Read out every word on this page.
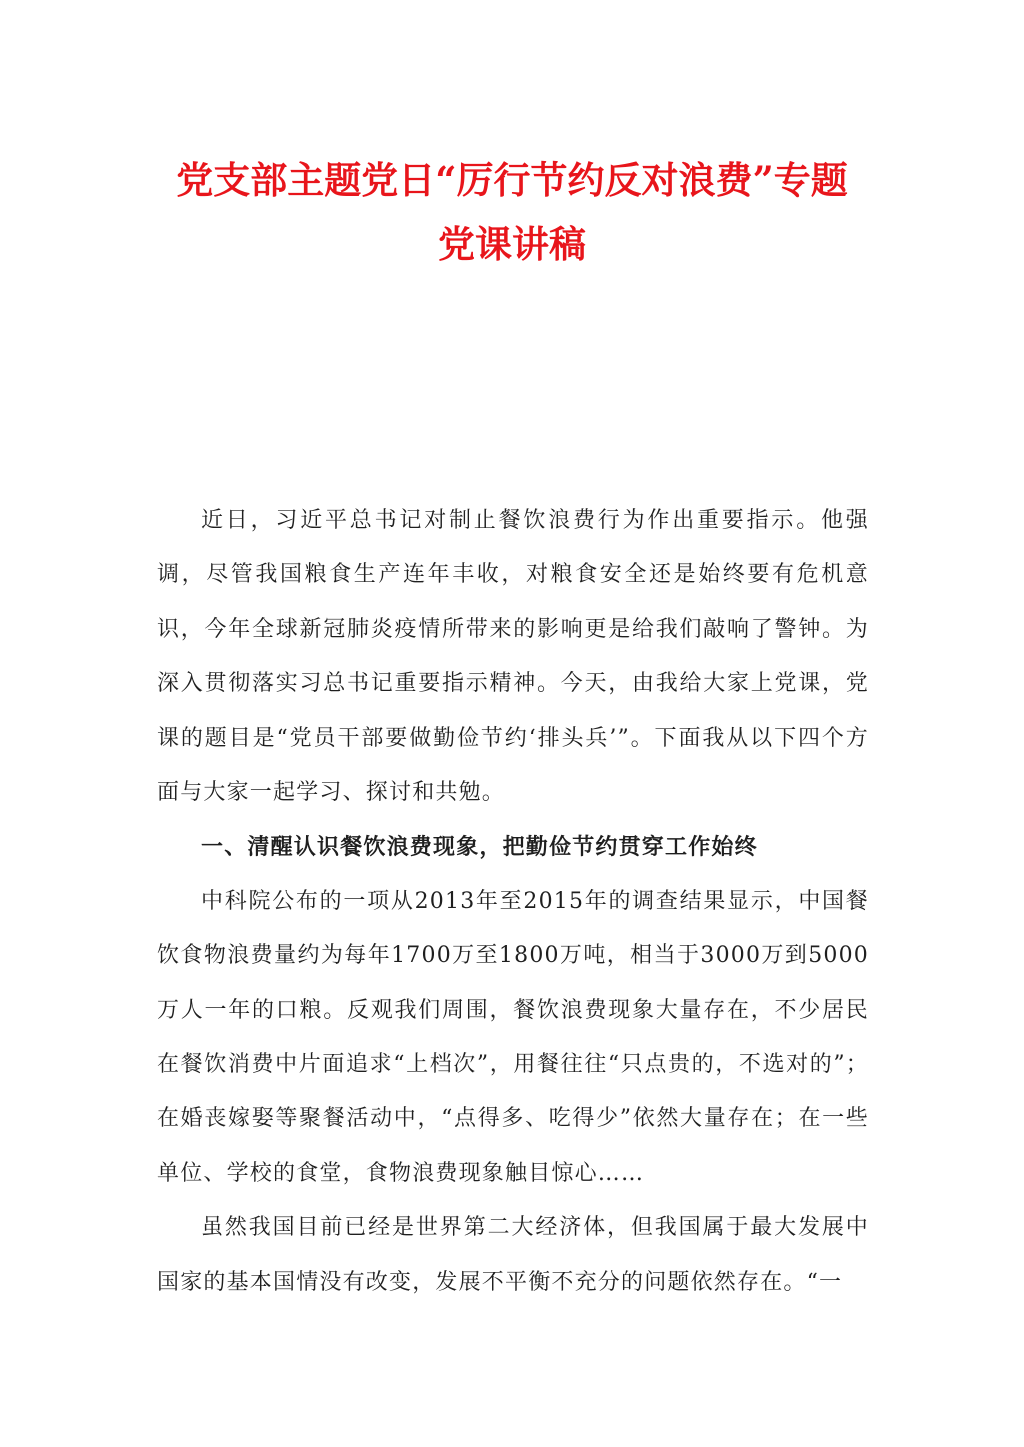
党支部主题党日“厉行节约反对浪费”专题
党课讲稿

近日，习近平总书记对制止餐饮浪费行为作出重要指示。他强调，尽管我国粮食生产连年丰收，对粮食安全还是始终要有危机意识，今年全球新冠肺炎疫情所带来的影响更是给我们敲响了警钟。为深入贯彻落实习总书记重要指示精神。今天，由我给大家上党课，党课的题目是“党员干部要做勤俭节约‘排头兵’”。下面我从以下四个方面与大家一起学习、探讨和共勉。

一、清醒认识餐饮浪费现象，把勤俭节约贯穿工作始终

中科院公布的一项从2013年至2015年的调查结果显示，中国餐饮食物浪费量约为每年1700万至1800万吨，相当于3000万到5000万人一年的口粮。反观我们周围，餐饮浪费现象大量存在，不少居民在餐饮消费中片面追求“上档次”，用餐往往“只点贵的，不选对的”；在婚丧嫁娶等聚餐活动中，“点得多、吃得少”依然大量存在；在一些单位、学校的食堂，食物浪费现象触目惊心……

虽然我国目前已经是世界第二大经济体，但我国属于最大发展中国家的基本国情没有改变，发展不平衡不充分的问题依然存在。“一
